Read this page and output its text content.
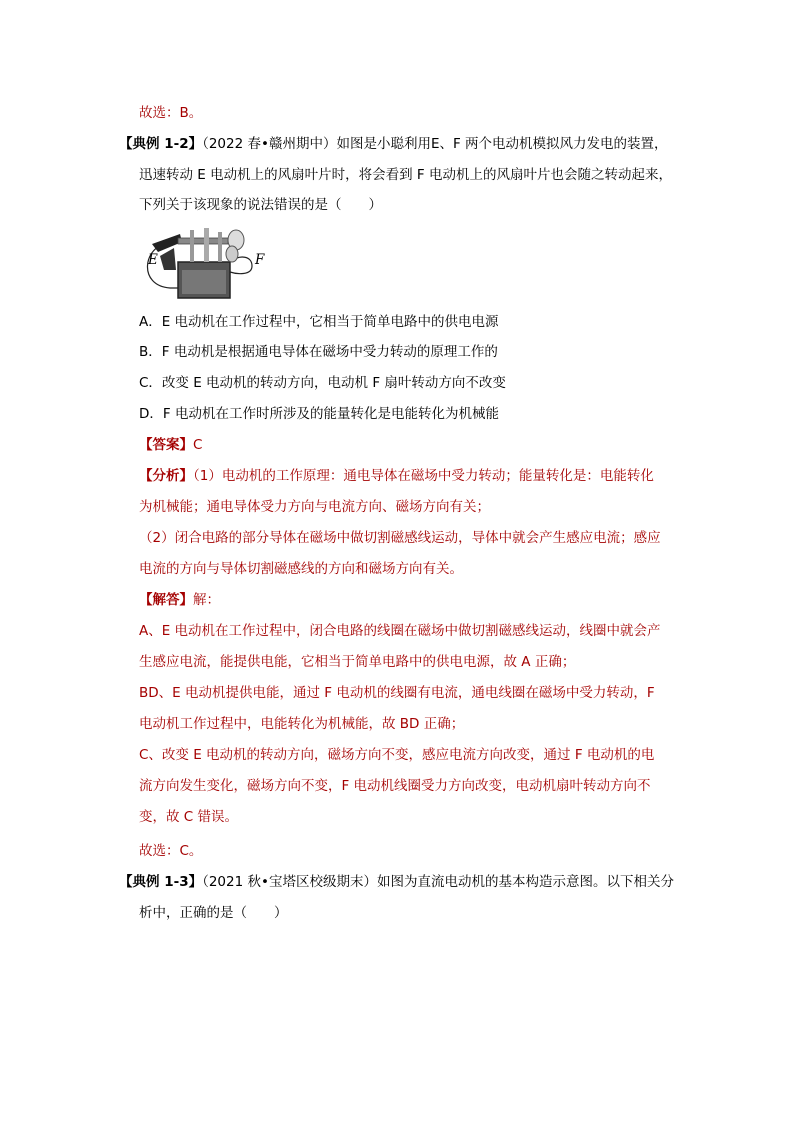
故选：B。
【典例 1-2】（2022 春•赣州期中）如图是小聪利用E、F 两个电动机模拟风力发电的装置，
迅速转动 E 电动机上的风扇叶片时，将会看到 F 电动机上的风扇叶片也会随之转动起来，
下列关于该现象的说法错误的是（　　）
E	F
A．E 电动机在工作过程中，它相当于简单电路中的供电电源
B．F 电动机是根据通电导体在磁场中受力转动的原理工作的
C．改变 E 电动机的转动方向，电动机 F 扇叶转动方向不改变
D．F 电动机在工作时所涉及的能量转化是电能转化为机械能
【答案】C
【分析】（1）电动机的工作原理：通电导体在磁场中受力转动；能量转化是：电能转化
为机械能；通电导体受力方向与电流方向、磁场方向有关；
（2）闭合电路的部分导体在磁场中做切割磁感线运动，导体中就会产生感应电流；感应
电流的方向与导体切割磁感线的方向和磁场方向有关。
【解答】解：
A、E 电动机在工作过程中，闭合电路的线圈在磁场中做切割磁感线运动，线圈中就会产
生感应电流，能提供电能，它相当于简单电路中的供电电源，故 A 正确；
BD、E 电动机提供电能，通过 F 电动机的线圈有电流，通电线圈在磁场中受力转动，F
电动机工作过程中，电能转化为机械能，故 BD 正确；
C、改变 E 电动机的转动方向，磁场方向不变，感应电流方向改变，通过 F 电动机的电
流方向发生变化，磁场方向不变，F 电动机线圈受力方向改变，电动机扇叶转动方向不
变，故 C 错误。
故选：C。
【典例 1-3】（2021 秋•宝塔区校级期末）如图为直流电动机的基本构造示意图。以下相关分
析中，正确的是（　　）
